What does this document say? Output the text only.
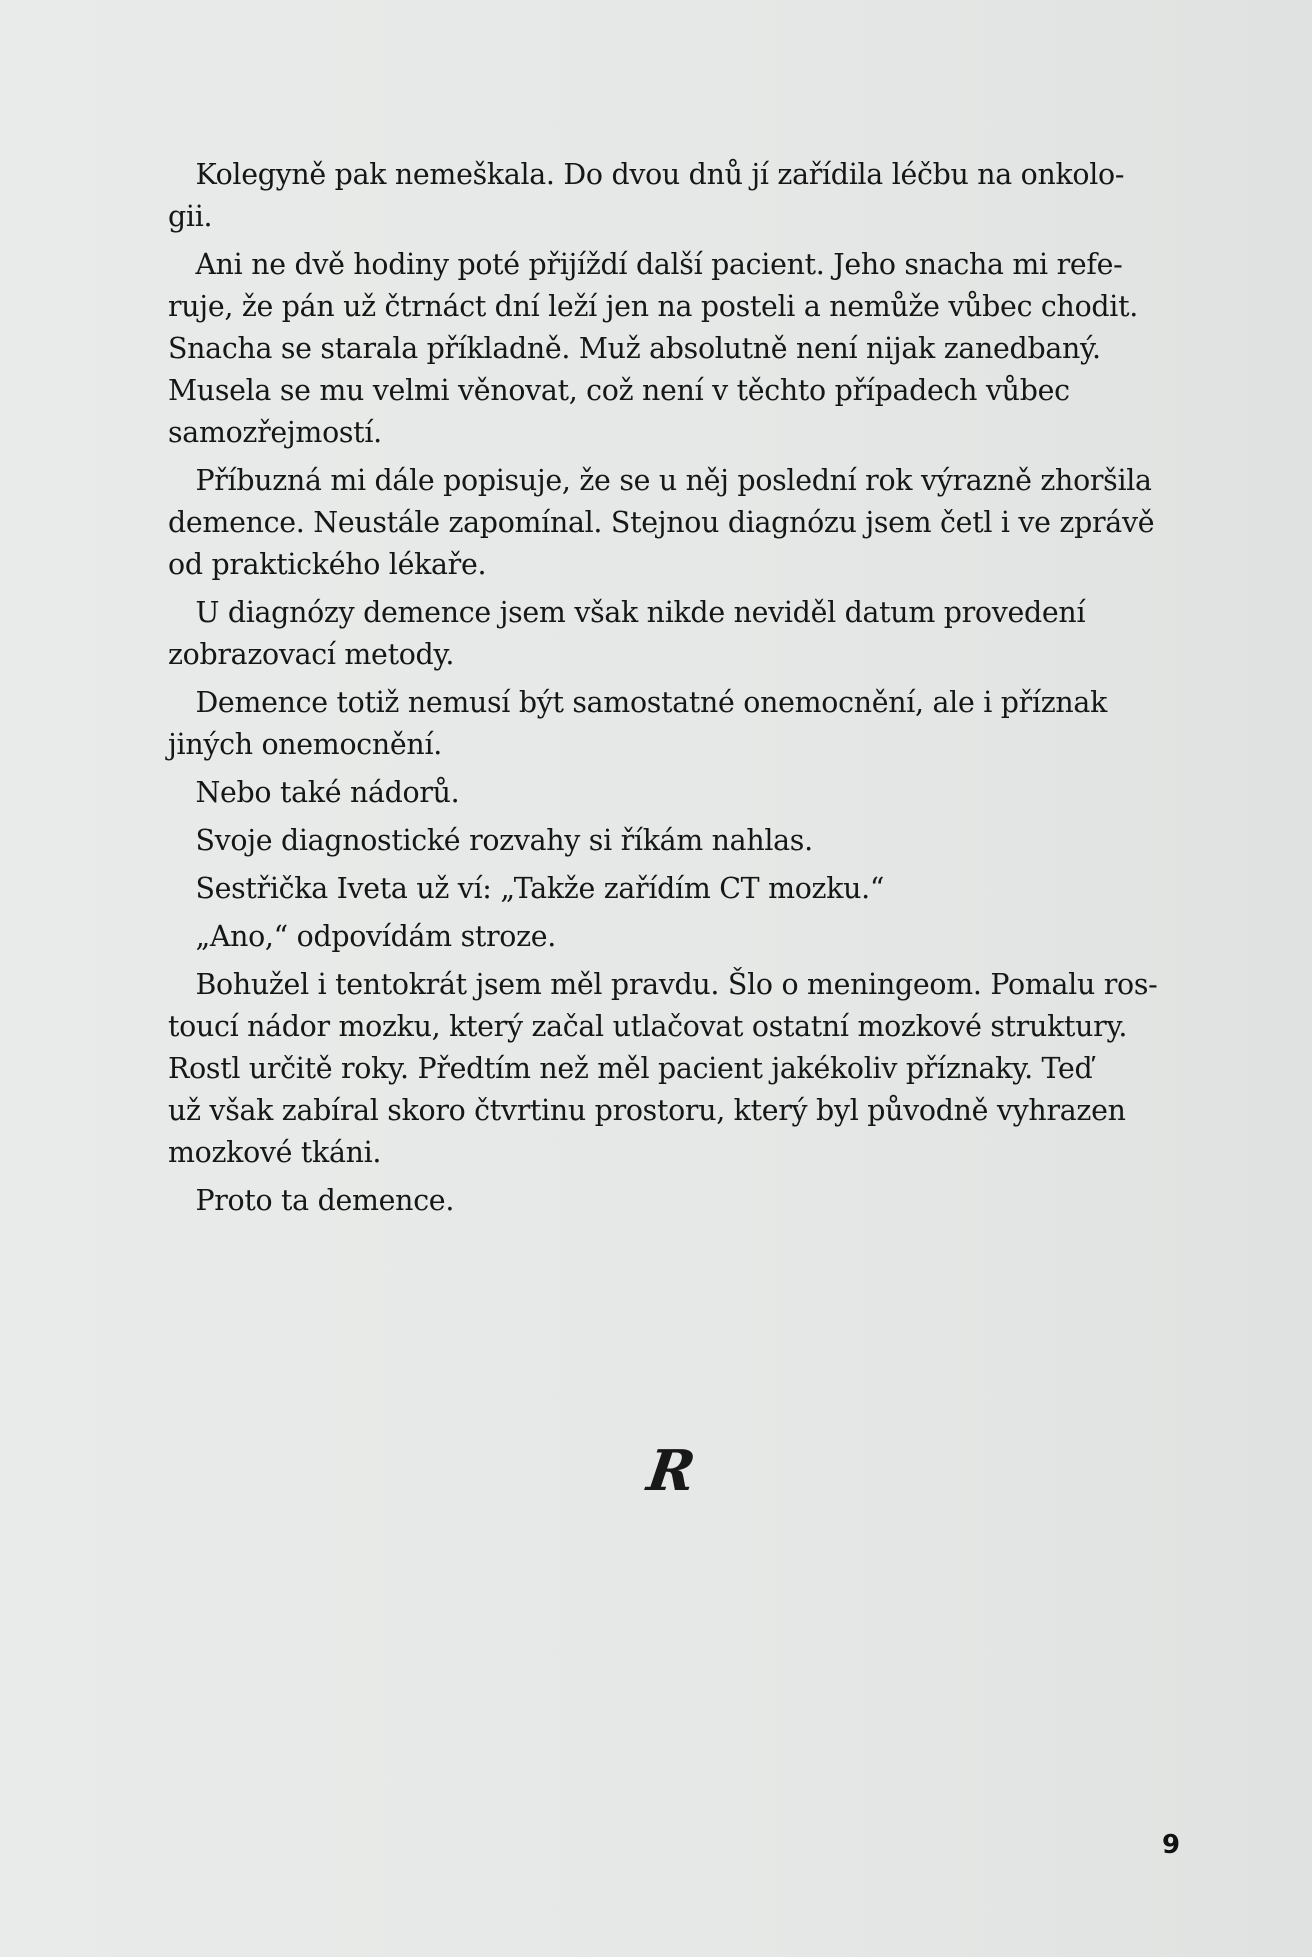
Kolegyně pak nemeškala. Do dvou dnů jí zařídila léčbu na onkolo-
gii.
Ani ne dvě hodiny poté přijíždí další pacient. Jeho snacha mi refe-
ruje, že pán už čtrnáct dní leží jen na posteli a nemůže vůbec chodit.
Snacha se starala příkladně. Muž absolutně není nijak zanedbaný.
Musela se mu velmi věnovat, což není v těchto případech vůbec
samozřejmostí.
Příbuzná mi dále popisuje, že se u něj poslední rok výrazně zhoršila
demence. Neustále zapomínal. Stejnou diagnózu jsem četl i ve zprávě
od praktického lékaře.
U diagnózy demence jsem však nikde neviděl datum provedení
zobrazovací metody.
Demence totiž nemusí být samostatné onemocnění, ale i příznak
jiných onemocnění.
Nebo také nádorů.
Svoje diagnostické rozvahy si říkám nahlas.
Sestřička Iveta už ví: „Takže zařídím CT mozku.“
„Ano,“ odpovídám stroze.
Bohužel i tentokrát jsem měl pravdu. Šlo o meningeom. Pomalu ros-
toucí nádor mozku, který začal utlačovat ostatní mozkové struktury.
Rostl určitě roky. Předtím než měl pacient jakékoliv příznaky. Teď
už však zabíral skoro čtvrtinu prostoru, který byl původně vyhrazen
mozkové tkáni.
Proto ta demence.
R
9
